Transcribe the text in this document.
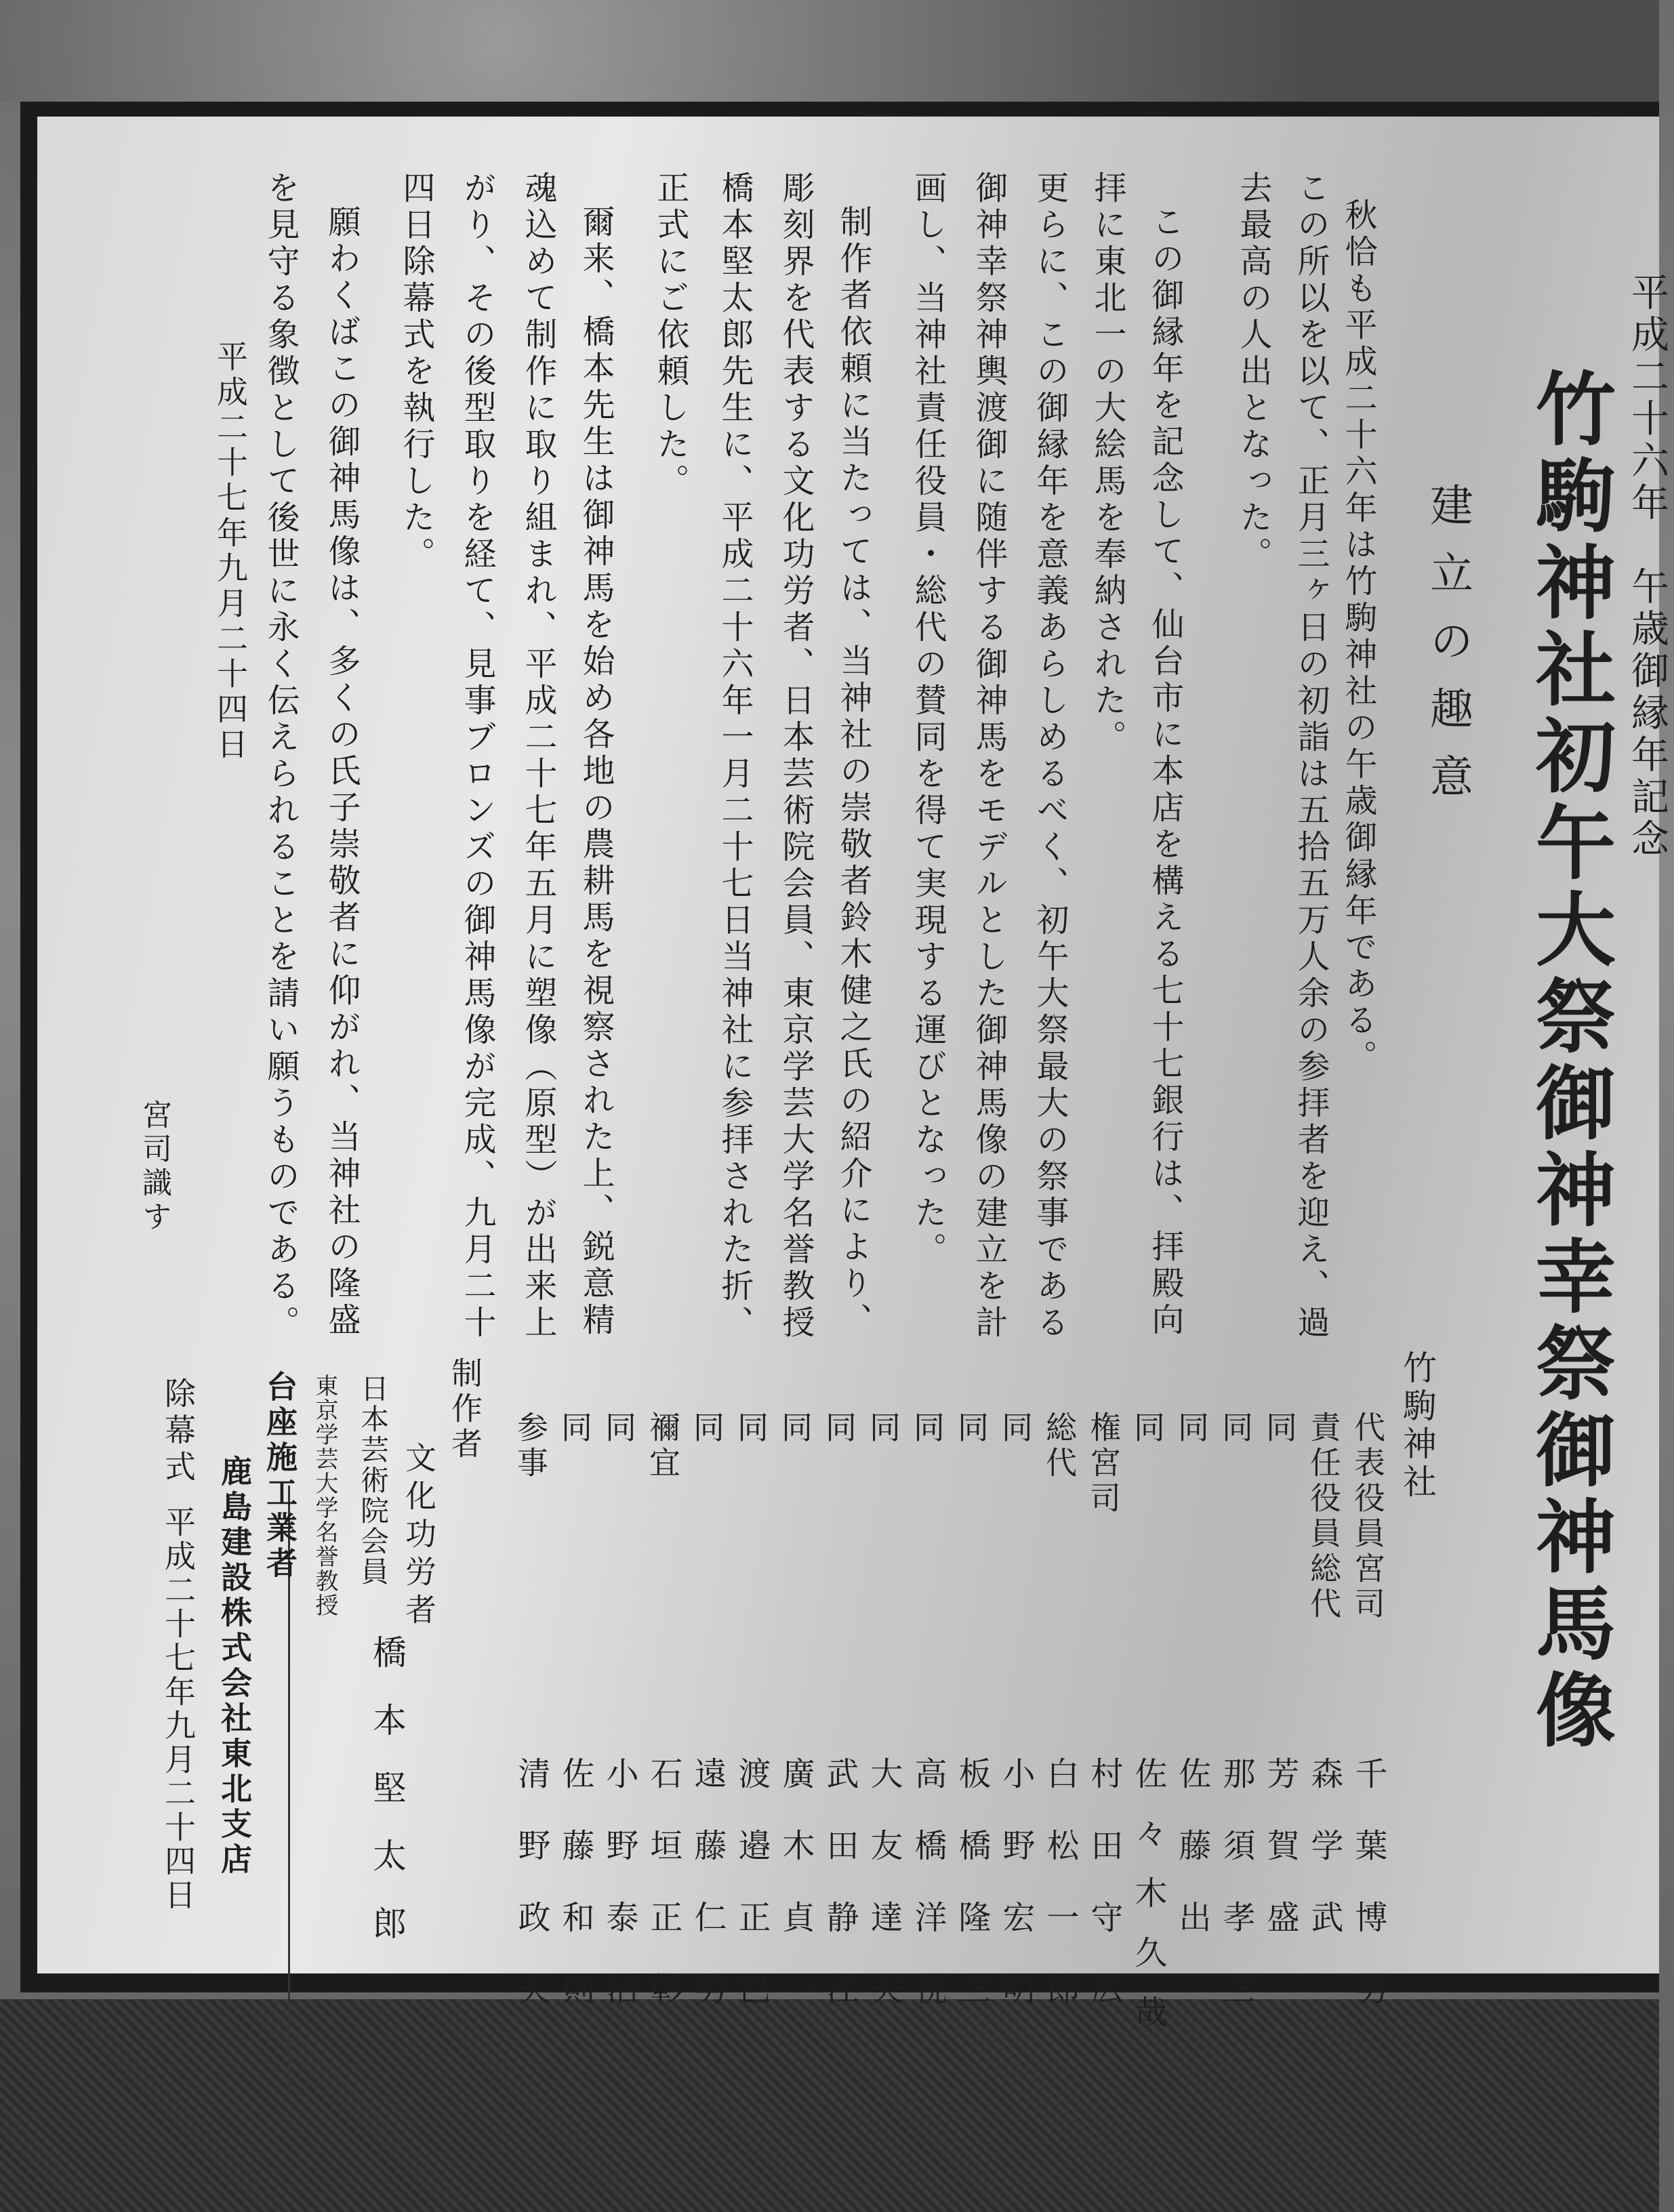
平成二十六年　午歳御縁年記念
竹駒神社初午大祭御神幸祭御神馬像
建立の趣意
秋恰も平成二十六年は竹駒神社の午歳御縁年である。
この所以を以て、正月三ヶ日の初詣は五拾五万人余の参拝者を迎え、過
去最高の人出となった。
この御縁年を記念して、仙台市に本店を構える七十七銀行は、拝殿向
拝に東北一の大絵馬を奉納された。
更らに、この御縁年を意義あらしめるべく、初午大祭最大の祭事である
御神幸祭神輿渡御に随伴する御神馬をモデルとした御神馬像の建立を計
画し、当神社責任役員・総代の賛同を得て実現する運びとなった。
制作者依頼に当たっては、当神社の崇敬者鈴木健之氏の紹介により、
彫刻界を代表する文化功労者、日本芸術院会員、東京学芸大学名誉教授
橋本堅太郎先生に、平成二十六年一月二十七日当神社に参拝された折、
正式にご依頼した。
爾来、橋本先生は御神馬を始め各地の農耕馬を視察された上、鋭意精
魂込めて制作に取り組まれ、平成二十七年五月に塑像（原型）が出来上
がり、その後型取りを経て、見事ブロンズの御神馬像が完成、九月二十
四日除幕式を執行した。
願わくばこの御神馬像は、多くの氏子崇敬者に仰がれ、当神社の隆盛
を見守る象徴として後世に永く伝えられることを請い願うものである。
平成二十七年九月二十四日
宮司識す
竹駒神社
代表役員宮司
千葉博男
責任役員総代
森学武
同
芳賀盛
同
那須孝三
同
佐藤出
同
佐々木久哉
権宮司
村田守広
総代
白松一郎
同
小野宏明
同
板橋隆三
同
高橋洋悦
同
大友達夫
同
武田静江
同
廣木貞一
同
渡邉正巳
同
遠藤仁男
禰宜
石垣正彰
同
小野泰治
同
佐藤和則
参事
清野政夫
制作者
文化功労者
日本芸術院会員
東京学芸大学名誉教授
橋本堅太郎
台座施工業者
鹿島建設株式会社東北支店
除幕式
平成二十七年九月二十四日
